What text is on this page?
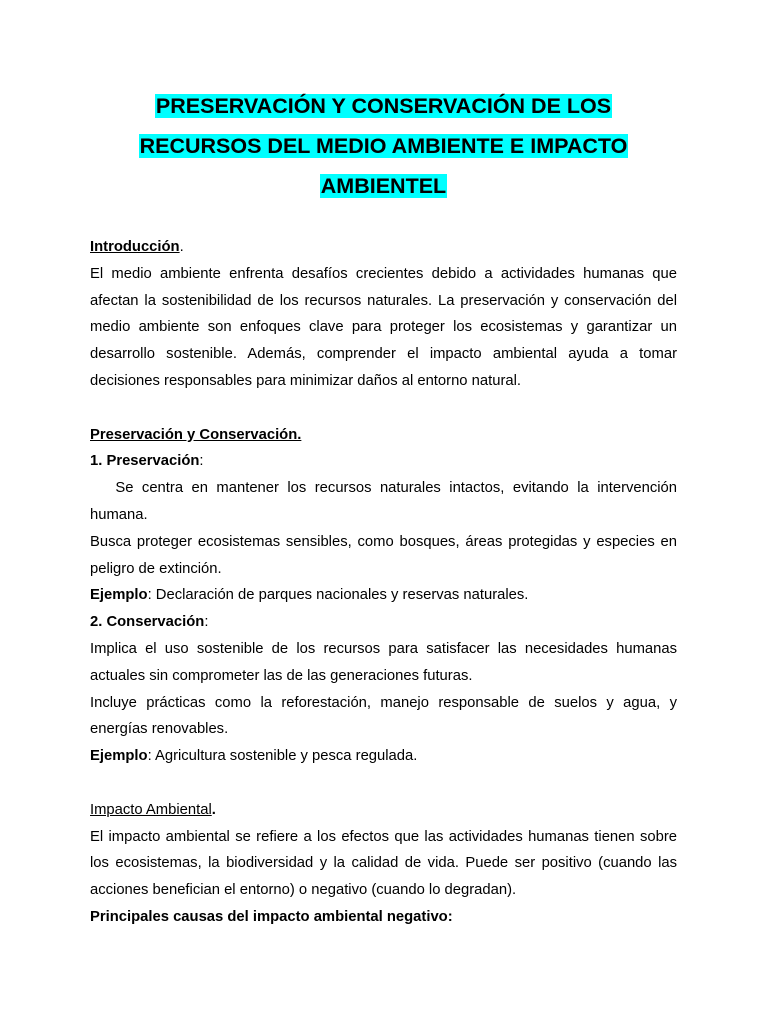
PRESERVACIÓN Y CONSERVACIÓN DE LOS
RECURSOS DEL MEDIO AMBIENTE E IMPACTO
AMBIENTEL
Introducción.

El medio ambiente enfrenta desafíos crecientes debido a actividades humanas que afectan la sostenibilidad de los recursos naturales. La preservación y conservación del medio ambiente son enfoques clave para proteger los ecosistemas y garantizar un desarrollo sostenible. Además, comprender el impacto ambiental ayuda a tomar decisiones responsables para minimizar daños al entorno natural.

Preservación y Conservación.
1. Preservación:

Se centra en mantener los recursos naturales intactos, evitando la intervención humana.

Busca proteger ecosistemas sensibles, como bosques, áreas protegidas y especies en peligro de extinción.

Ejemplo: Declaración de parques nacionales y reservas naturales.
2. Conservación:

Implica el uso sostenible de los recursos para satisfacer las necesidades humanas actuales sin comprometer las de las generaciones futuras.

Incluye prácticas como la reforestación, manejo responsable de suelos y agua, y energías renovables.

Ejemplo: Agricultura sostenible y pesca regulada.
Impacto Ambiental.

El impacto ambiental se refiere a los efectos que las actividades humanas tienen sobre los ecosistemas, la biodiversidad y la calidad de vida. Puede ser positivo (cuando las acciones benefician el entorno) o negativo (cuando lo degradan).

Principales causas del impacto ambiental negativo:
